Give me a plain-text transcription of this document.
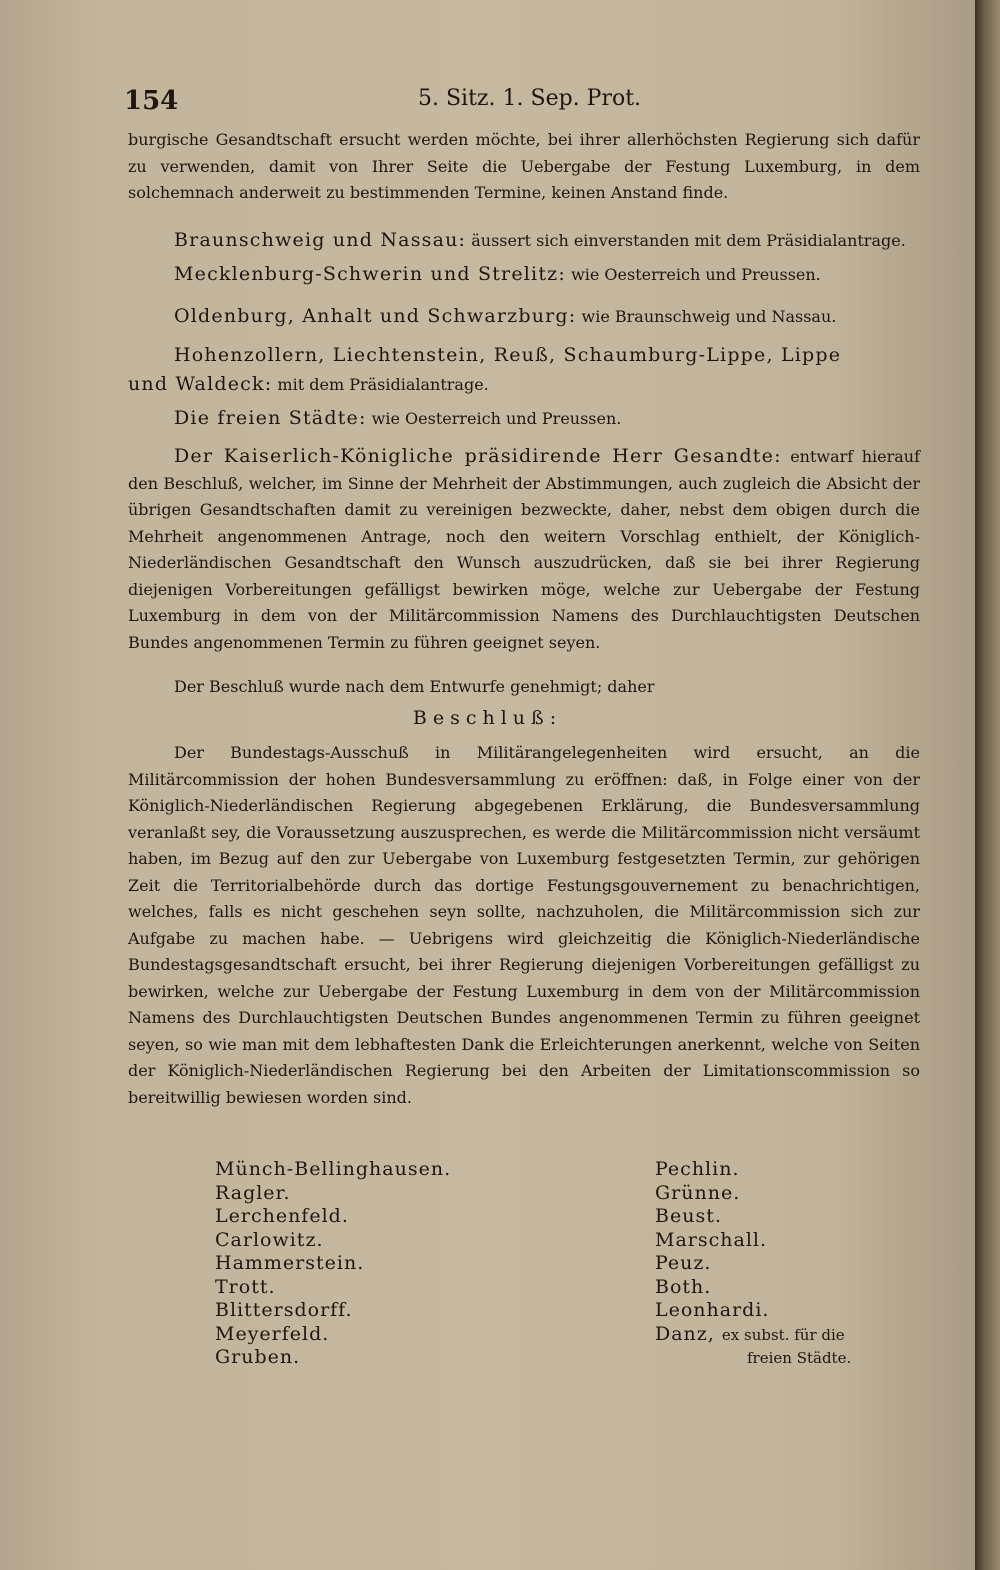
154	5. Sitz. 1. Sep. Prot.
burgische Gesandtschaft ersucht werden möchte, bei ihrer allerhöchsten Regierung sich dafür zu verwenden, damit von Ihrer Seite die Uebergabe der Festung Luxemburg, in dem solchemnach anderweit zu bestimmenden Termine, keinen Anstand finde.
Braunschweig und Nassau: äussert sich einverstanden mit dem Präsidialantrage.
Mecklenburg-Schwerin und Strelitz: wie Oesterreich und Preussen.
Oldenburg, Anhalt und Schwarzburg: wie Braunschweig und Nassau.
Hohenzollern, Liechtenstein, Reuß, Schaumburg-Lippe, Lippe
und Waldeck: mit dem Präsidialantrage.
Die freien Städte: wie Oesterreich und Preussen.
Der Kaiserlich-Königliche präsidirende Herr Gesandte: entwarf hierauf den Beschluß, welcher, im Sinne der Mehrheit der Abstimmungen, auch zugleich die Absicht der übrigen Gesandtschaften damit zu vereinigen bezweckte, daher, nebst dem obigen durch die Mehrheit angenommenen Antrage, noch den weitern Vorschlag enthielt, der Königlich-Niederländischen Gesandtschaft den Wunsch auszudrücken, daß sie bei ihrer Regierung diejenigen Vorbereitungen gefälligst bewirken möge, welche zur Uebergabe der Festung Luxemburg in dem von der Militärcommission Namens des Durchlauchtigsten Deutschen Bundes angenommenen Termin zu führen geeignet seyen.
Der Beschluß wurde nach dem Entwurfe genehmigt; daher
Beschluß:
Der Bundestags-Ausschuß in Militärangelegenheiten wird ersucht, an die Militärcommission der hohen Bundesversammlung zu eröffnen: daß, in Folge einer von der Königlich-Niederländischen Regierung abgegebenen Erklärung, die Bundesversammlung veranlaßt sey, die Voraussetzung auszusprechen, es werde die Militärcommission nicht versäumt haben, im Bezug auf den zur Uebergabe von Luxemburg festgesetzten Termin, zur gehörigen Zeit die Territorialbehörde durch das dortige Festungsgouvernement zu benachrichtigen, welches, falls es nicht geschehen seyn sollte, nachzuholen, die Militärcommission sich zur Aufgabe zu machen habe. — Uebrigens wird gleichzeitig die Königlich-Niederländische Bundestagsgesandtschaft ersucht, bei ihrer Regierung diejenigen Vorbereitungen gefälligst zu bewirken, welche zur Uebergabe der Festung Luxemburg in dem von der Militärcommission Namens des Durchlauchtigsten Deutschen Bundes angenommenen Termin zu führen geeignet seyen, so wie man mit dem lebhaftesten Dank die Erleichterungen anerkennt, welche von Seiten der Königlich-Niederländischen Regierung bei den Arbeiten der Limitationscommission so bereitwillig bewiesen worden sind.
Münch-Bellinghausen.
Ragler.
Lerchenfeld.
Carlowitz.
Hammerstein.
Trott.
Blittersdorff.
Meyerfeld.
Gruben.
Pechlin.
Grünne.
Beust.
Marschall.
Peuz.
Both.
Leonhardi.
Danz, ex subst. für die
freien Städte.
